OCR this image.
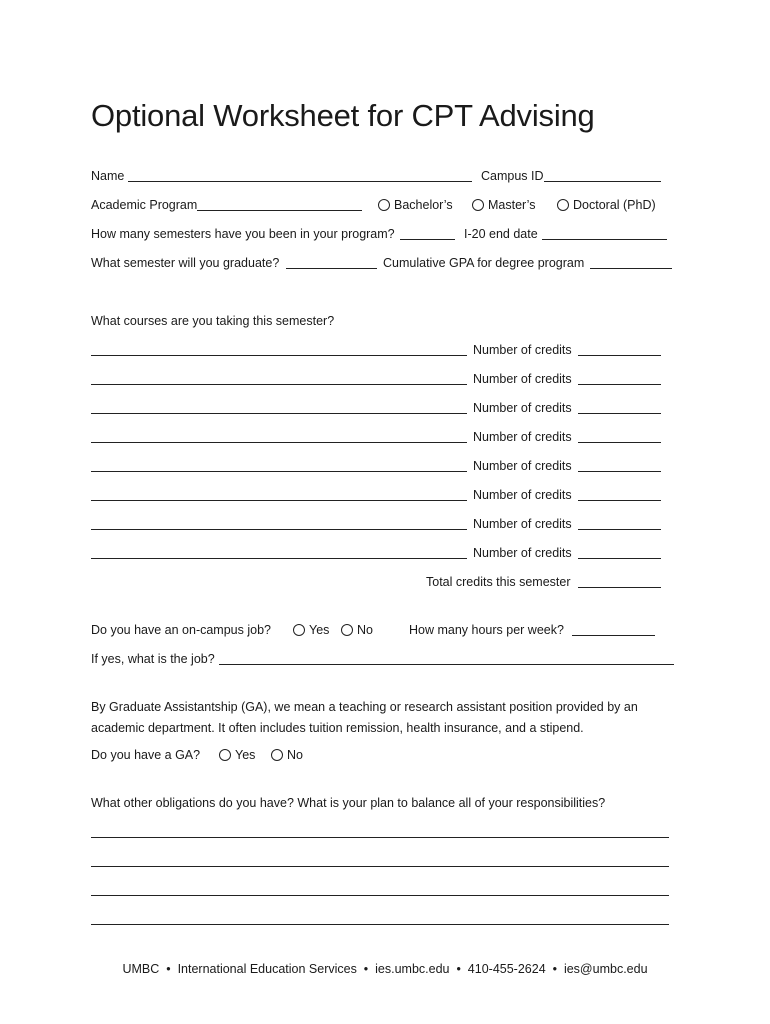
Optional Worksheet for CPT Advising
Name	Campus ID
Academic Program	Bachelor’s	Master’s	Doctoral (PhD)
How many semesters have you been in your program?	I-20 end date
What semester will you graduate?	Cumulative GPA for degree program
What courses are you taking this semester?
Number of credits
Number of credits
Number of credits
Number of credits
Number of credits
Number of credits
Number of credits
Number of credits
Total credits this semester
Do you have an on-campus job?	Yes No	How many hours per week?
If yes, what is the job?
By Graduate Assistantship (GA), we mean a teaching or research assistant position provided by an academic department. It often includes tuition remission, health insurance, and a stipend.
Do you have a GA?	Yes	No
What other obligations do you have? What is your plan to balance all of your responsibilities?
UMBC • International Education Services • ies.umbc.edu • 410-455-2624 • ies@umbc.edu
